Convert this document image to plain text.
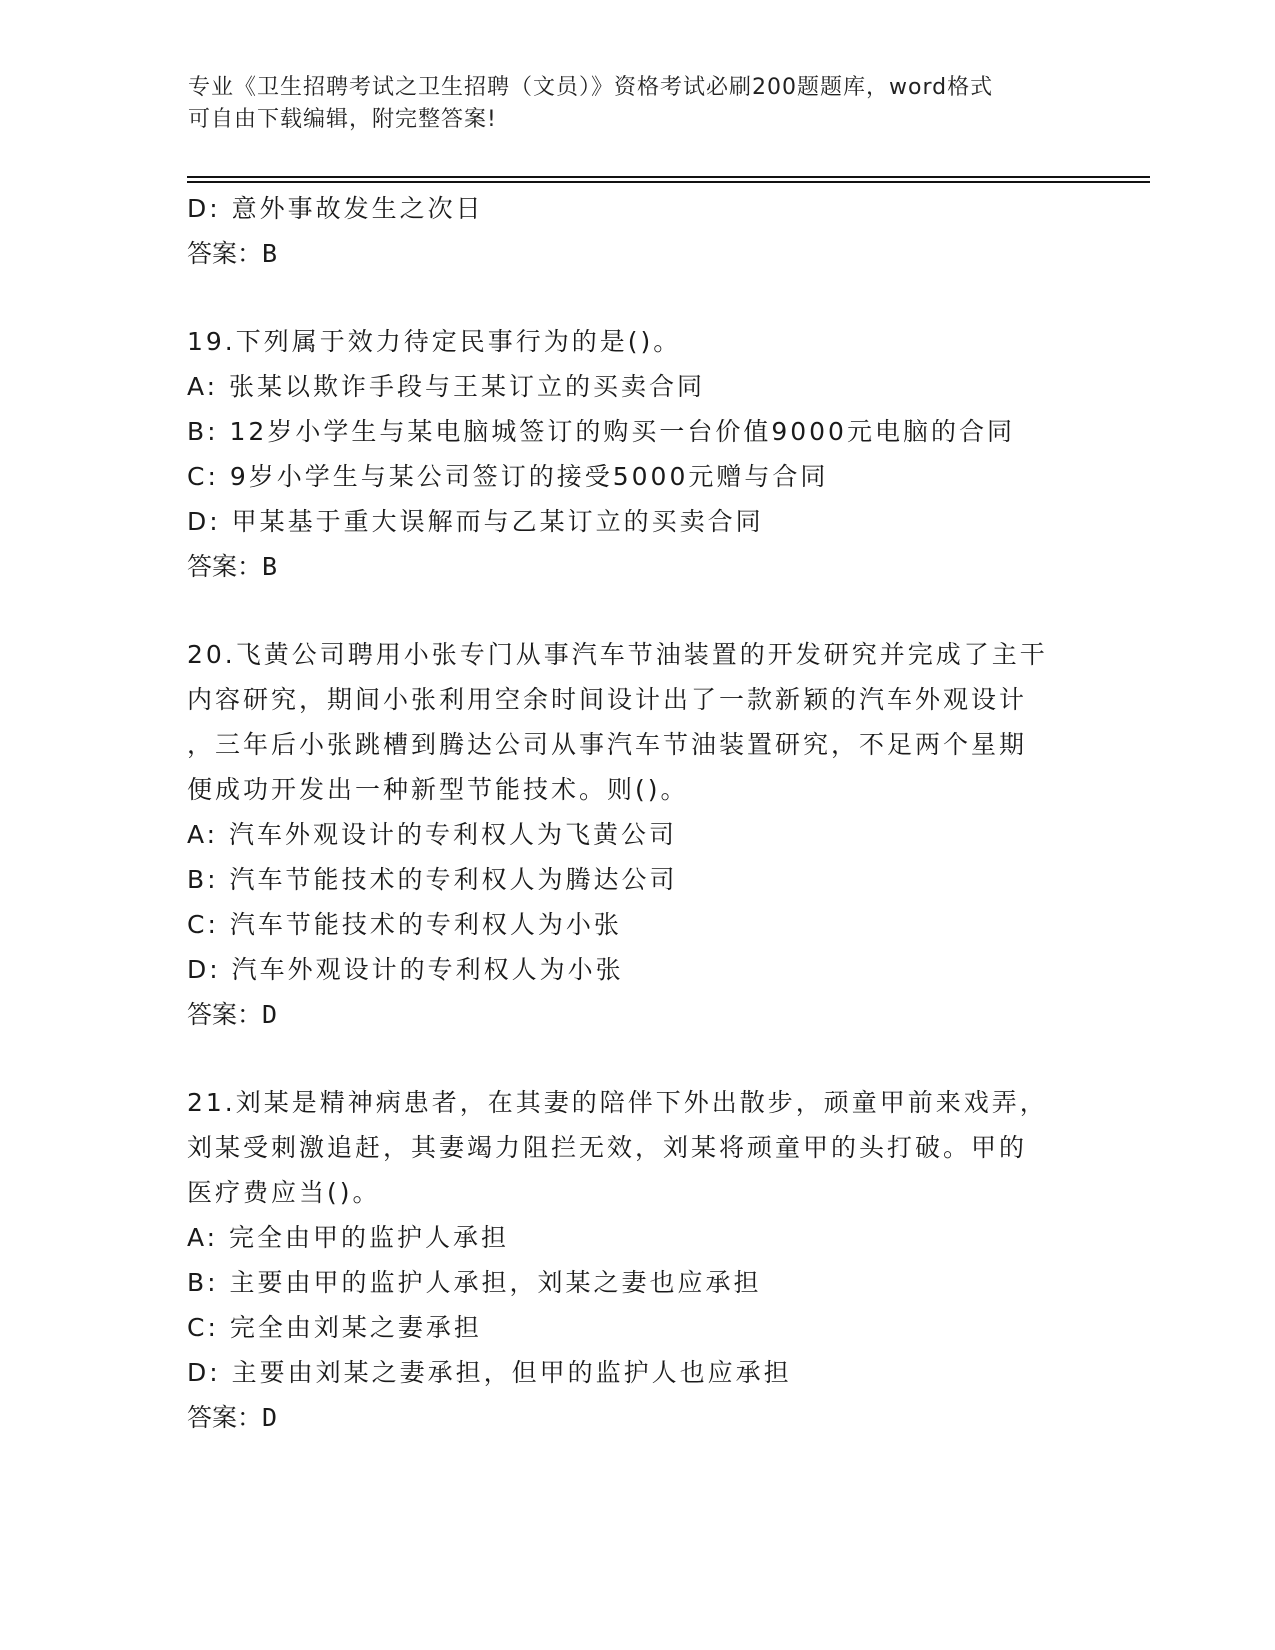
专业《卫生招聘考试之卫生招聘（文员）》资格考试必刷200题题库，word格式
可自由下载编辑，附完整答案!
D: 意外事故发生之次日
答案：B
19.下列属于效力待定民事行为的是()。
A: 张某以欺诈手段与王某订立的买卖合同
B: 12岁小学生与某电脑城签订的购买一台价值9000元电脑的合同
C: 9岁小学生与某公司签订的接受5000元赠与合同
D: 甲某基于重大误解而与乙某订立的买卖合同
答案：B
20.飞黄公司聘用小张专门从事汽车节油装置的开发研究并完成了主干
内容研究，期间小张利用空余时间设计出了一款新颖的汽车外观设计
，三年后小张跳槽到腾达公司从事汽车节油装置研究，不足两个星期
便成功开发出一种新型节能技术。则()。
A: 汽车外观设计的专利权人为飞黄公司
B: 汽车节能技术的专利权人为腾达公司
C: 汽车节能技术的专利权人为小张
D: 汽车外观设计的专利权人为小张
答案：D
21.刘某是精神病患者，在其妻的陪伴下外出散步，顽童甲前来戏弄，
刘某受刺激追赶，其妻竭力阻拦无效，刘某将顽童甲的头打破。甲的
医疗费应当()。
A: 完全由甲的监护人承担
B: 主要由甲的监护人承担，刘某之妻也应承担
C: 完全由刘某之妻承担
D: 主要由刘某之妻承担，但甲的监护人也应承担
答案：D
